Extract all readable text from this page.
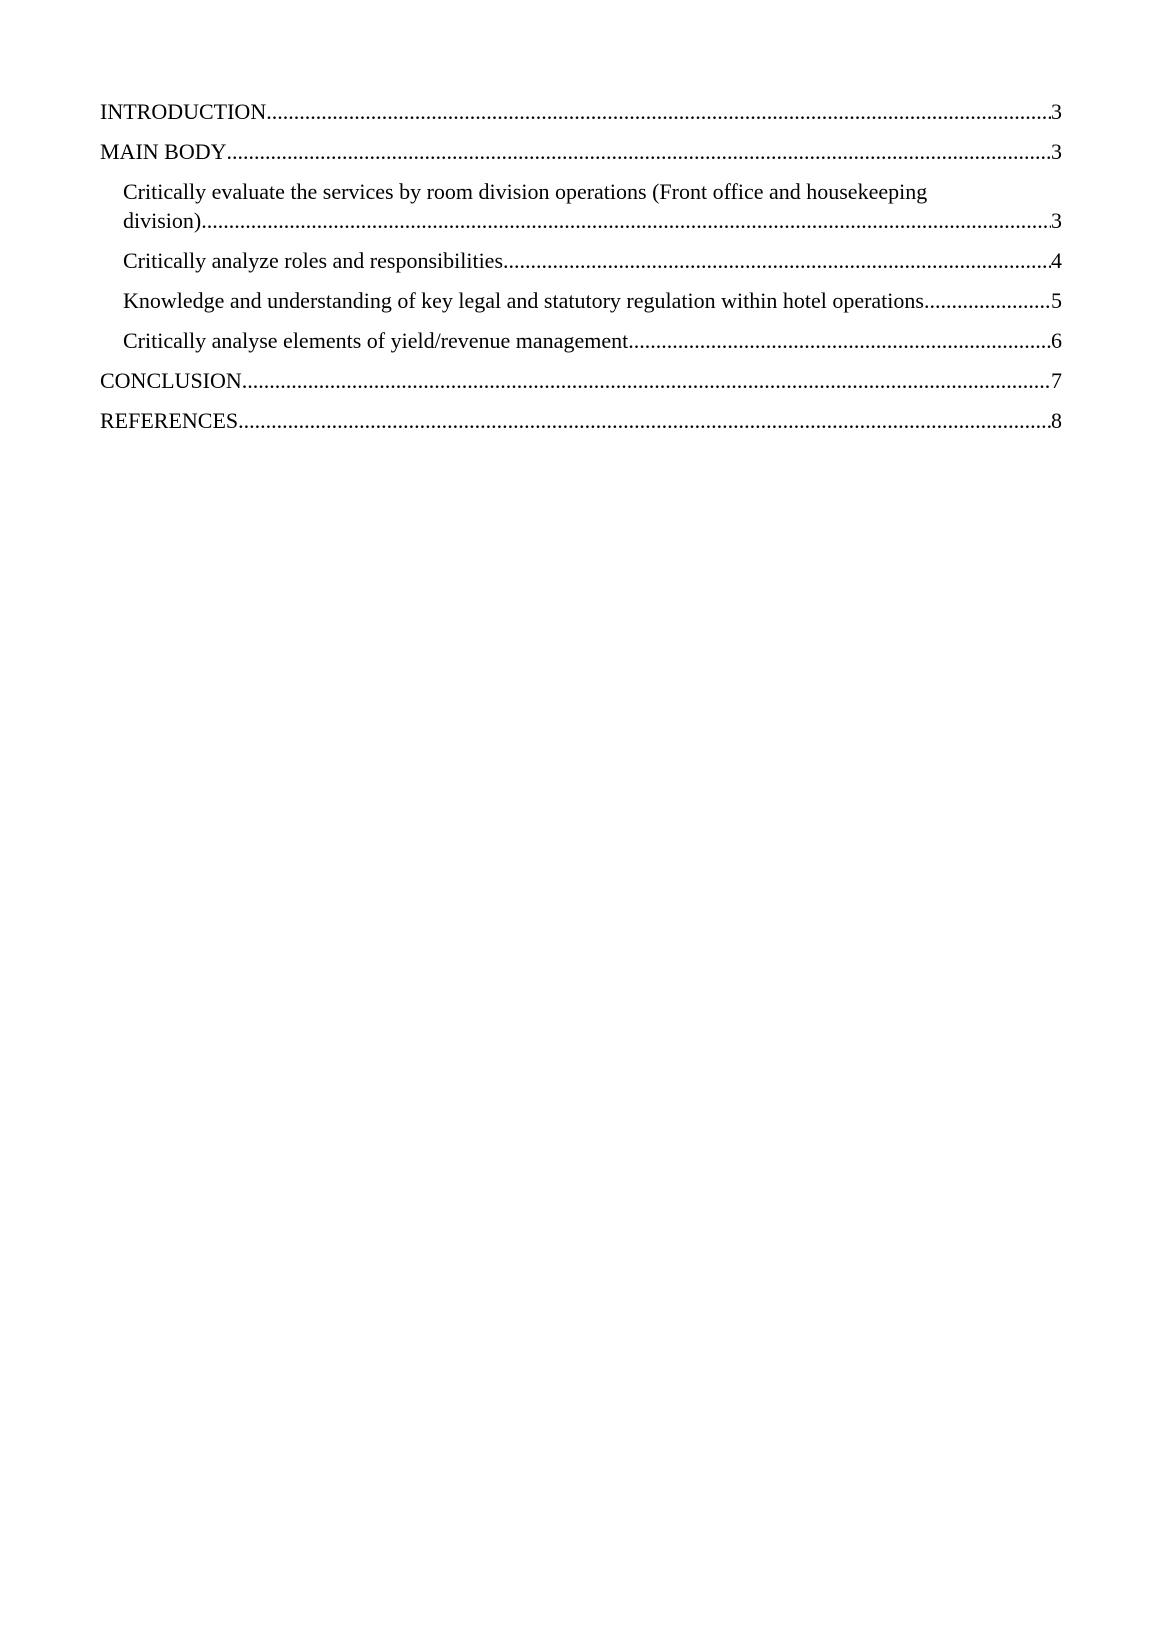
INTRODUCTION .....	3
MAIN BODY .....	3
Critically evaluate the services by room division operations (Front office and housekeeping
division) .....	3
Critically analyze roles and responsibilities .....	4
Knowledge and understanding of key legal and statutory regulation within hotel operations .....	5
Critically analyse elements of yield/revenue management .....	6
CONCLUSION .....	7
REFERENCES .....	8
